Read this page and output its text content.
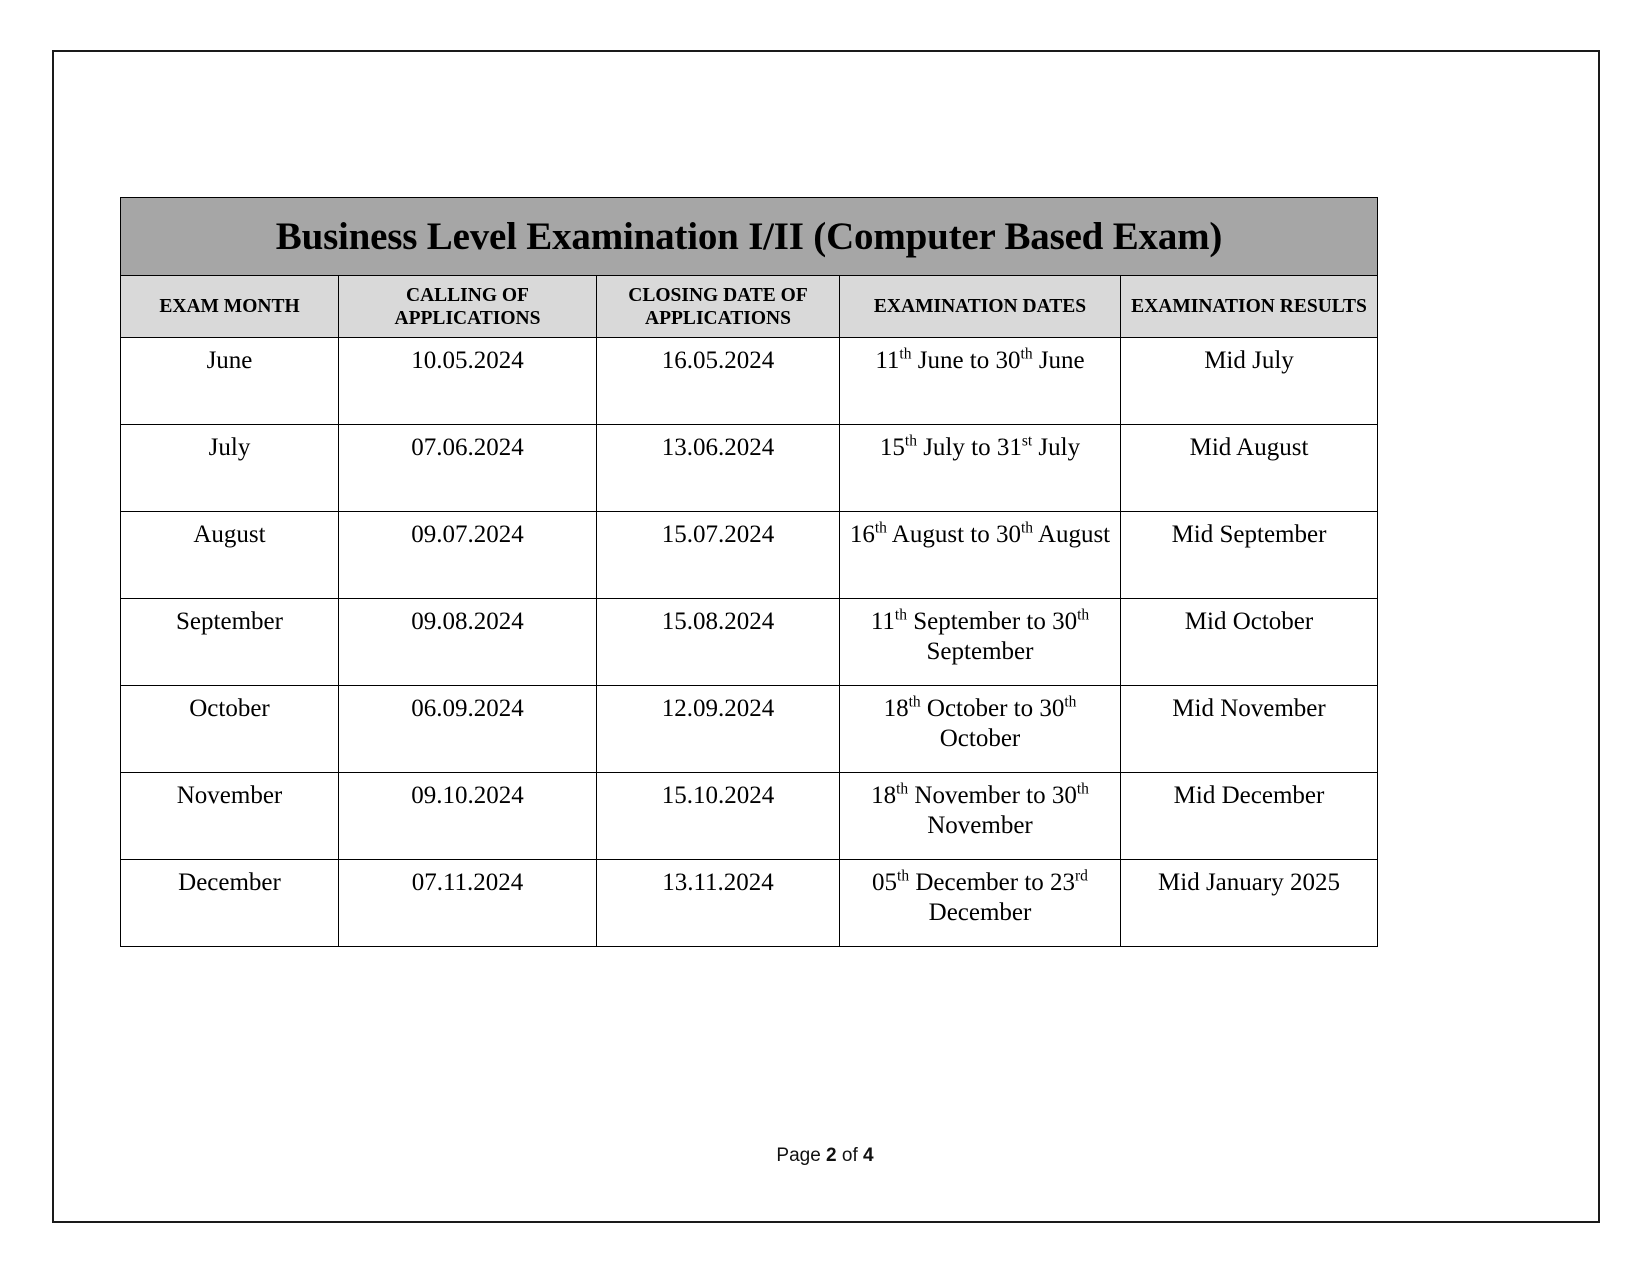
Business Level Examination I/II (Computer Based Exam)				
EXAM MONTH	CALLING OF APPLICATIONS	CLOSING DATE OF APPLICATIONS	EXAMINATION DATES	EXAMINATION RESULTS
June	10.05.2024	16.05.2024	11th June to 30th June	Mid July
July	07.06.2024	13.06.2024	15th July to 31st July	Mid August
August	09.07.2024	15.07.2024	16th August to 30th August	Mid September
September	09.08.2024	15.08.2024	11th September to 30th September	Mid October
October	06.09.2024	12.09.2024	18th October to 30th October	Mid November
November	09.10.2024	15.10.2024	18th November to 30th November	Mid December
December	07.11.2024	13.11.2024	05th December to 23rd December	Mid January 2025
Page 2 of 4
